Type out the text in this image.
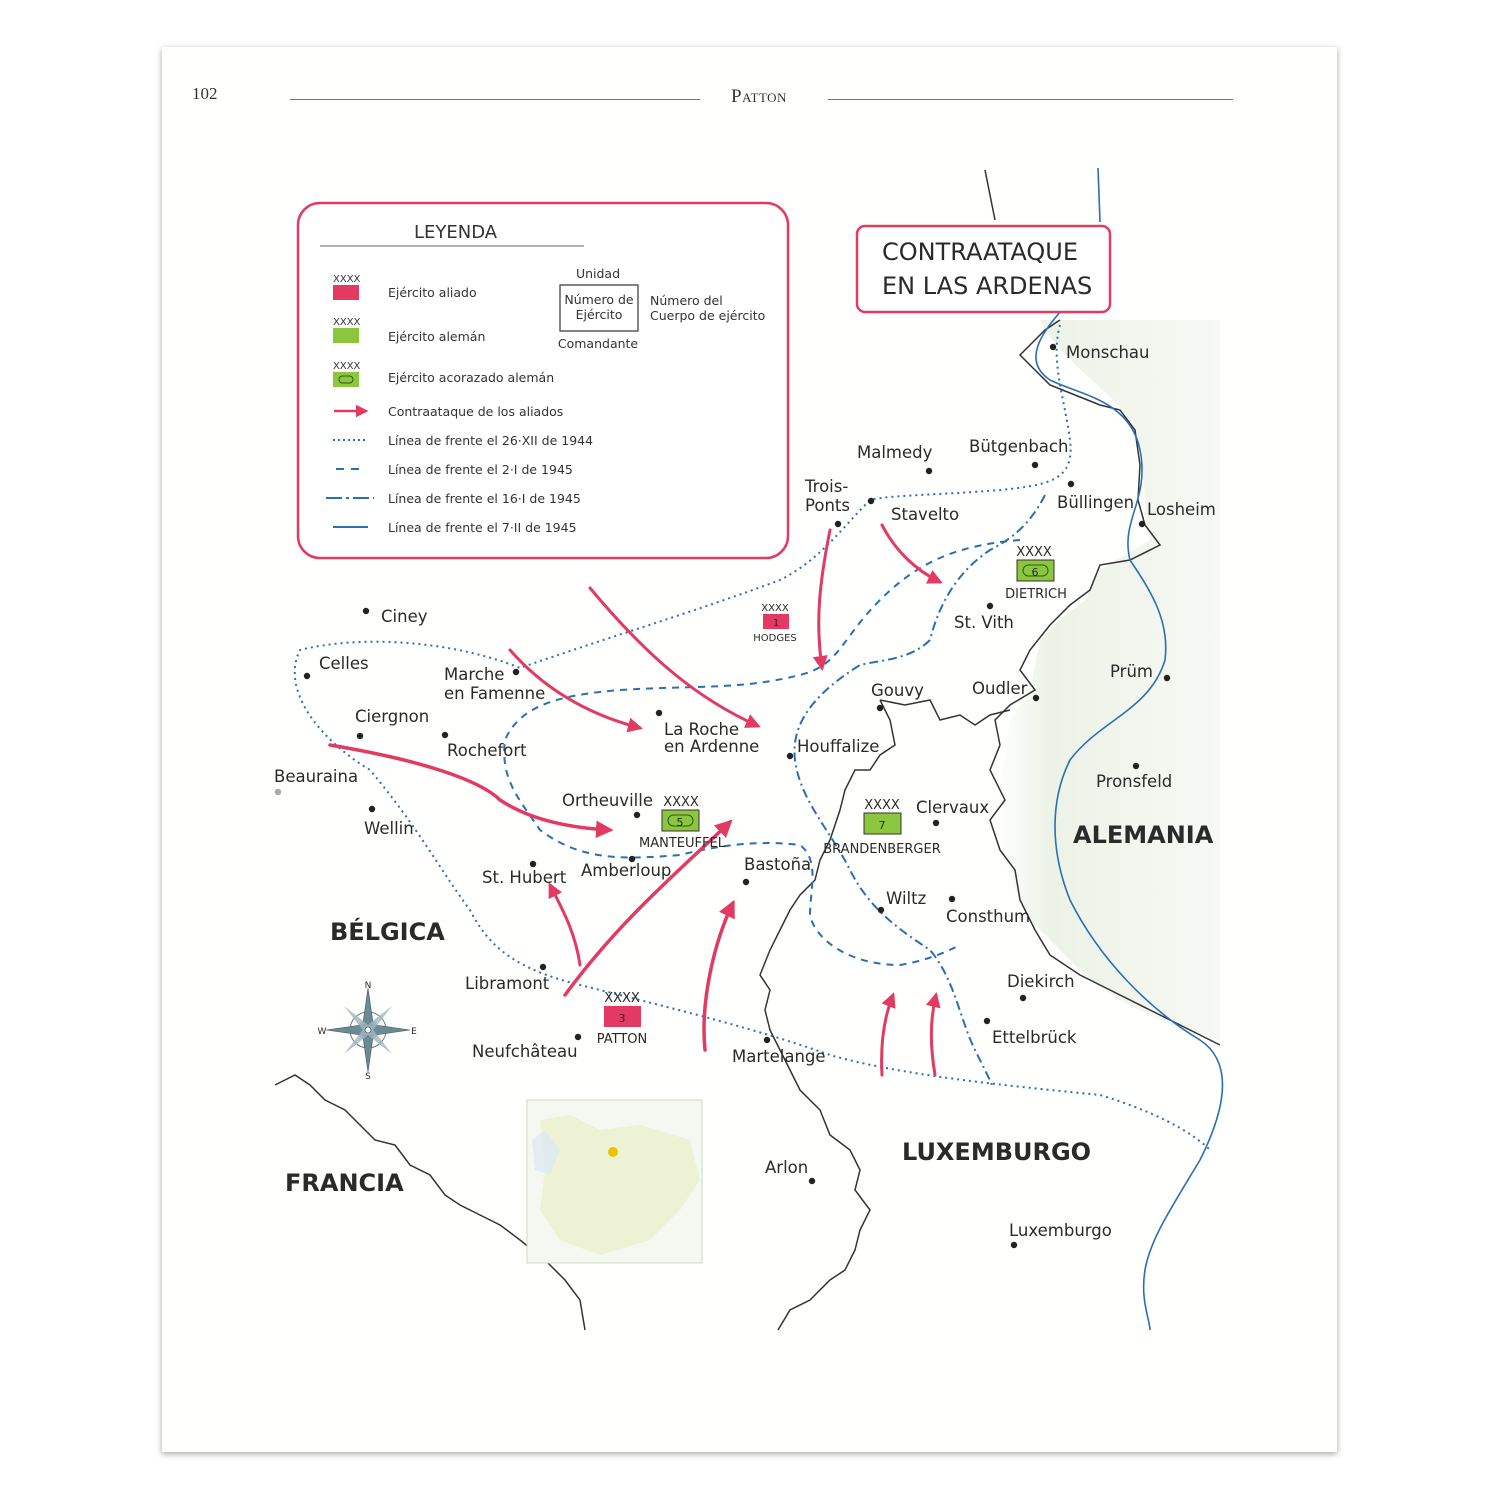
102	Patton
N
S
E
W
CONTRAATAQUE
EN LAS ARDENAS
LEYENDA
XXXX
Ejército aliado
XXXX
Ejército alemán
XXXX
Ejército acorazado alemán
Contraataque de los aliados
Línea de frente el 26·XII de 1944
Línea de frente el 2·I de 1945
Línea de frente el 16·I de 1945
Línea de frente el 7·II de 1945
Unidad
Número de
Ejército
Comandante
Número del
Cuerpo de ejército
BÉLGICA
ALEMANIA
LUXEMBURGO
FRANCIA
Monschau
Malmedy Bütgenbach
Trois-
Ponts Stavelto
Büllingen Losheim
Ciney
Celles
Marche
en Famenne
Ciergnon
Rochefort
Beauraina
Wellin
La Roche
en Ardenne Houffalize
Gouvy	Oudler
St. Vith
Prüm
Pronsfeld
Ortheuville	Clervaux
Amberloup	Bastoña
St. Hubert
Wiltz
Consthum
Libramont	Diekirch
Ettelbrück
Neufchâteau	Martelange
Arlon
Luxemburgo
XXXX
1
HODGES
XXXX
6
DIETRICH
XXXX
5
MANTEUFFEL
XXXX
7
BRANDENBERGER
XXXX
3
PATTON
